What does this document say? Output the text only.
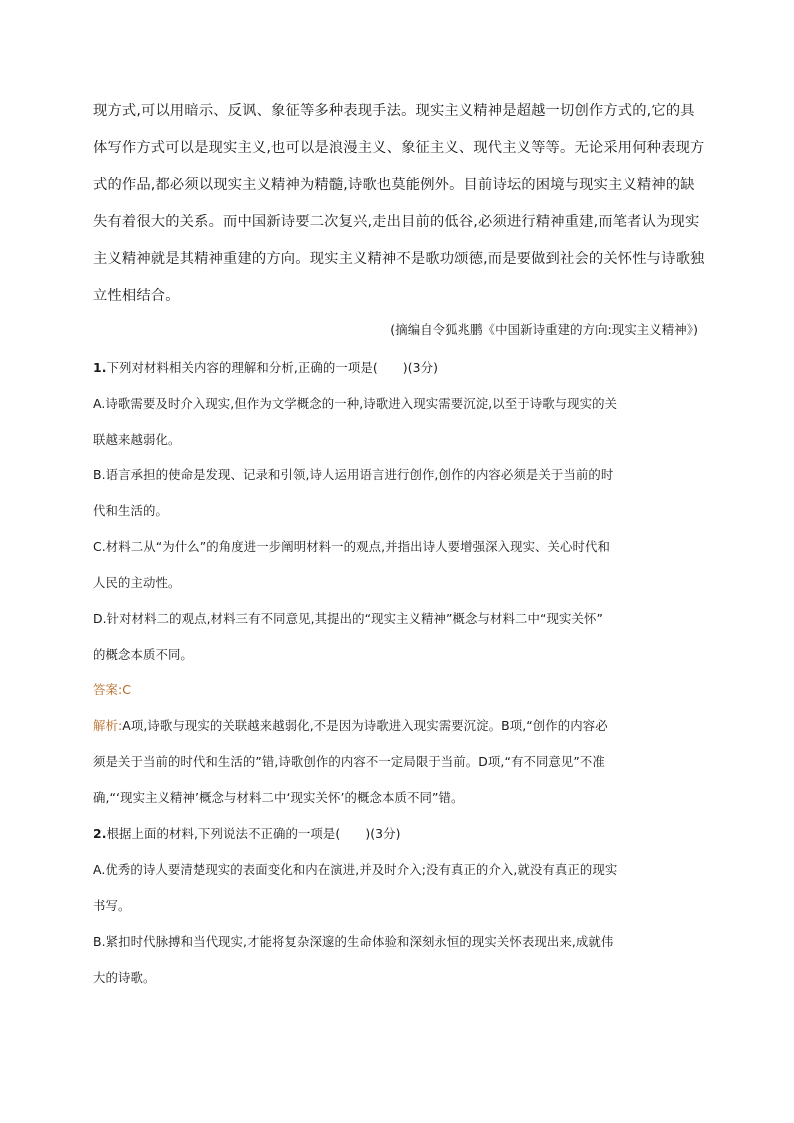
现方式,可以用暗示、反讽、象征等多种表现手法。现实主义精神是超越一切创作方式的,它的具
体写作方式可以是现实主义,也可以是浪漫主义、象征主义、现代主义等等。无论采用何种表现方
式的作品,都必须以现实主义精神为精髓,诗歌也莫能例外。目前诗坛的困境与现实主义精神的缺
失有着很大的关系。而中国新诗要二次复兴,走出目前的低谷,必须进行精神重建,而笔者认为现实
主义精神就是其精神重建的方向。现实主义精神不是歌功颂德,而是要做到社会的关怀性与诗歌独
立性相结合。
(摘编自令狐兆鹏《中国新诗重建的方向:现实主义精神》)
1.下列对材料相关内容的理解和分析,正确的一项是(　　)(3分)
A.诗歌需要及时介入现实,但作为文学概念的一种,诗歌进入现实需要沉淀,以至于诗歌与现实的关
联越来越弱化。
B.语言承担的使命是发现、记录和引领,诗人运用语言进行创作,创作的内容必须是关于当前的时
代和生活的。
C.材料二从“为什么”的角度进一步阐明材料一的观点,并指出诗人要增强深入现实、关心时代和
人民的主动性。
D.针对材料二的观点,材料三有不同意见,其提出的“现实主义精神”概念与材料二中“现实关怀”
的概念本质不同。
答案:C
解析:A项,诗歌与现实的关联越来越弱化,不是因为诗歌进入现实需要沉淀。B项,“创作的内容必
须是关于当前的时代和生活的”错,诗歌创作的内容不一定局限于当前。D项,“有不同意见”不准
确,“‘现实主义精神’概念与材料二中‘现实关怀’的概念本质不同”错。
2.根据上面的材料,下列说法不正确的一项是(　　)(3分)
A.优秀的诗人要清楚现实的表面变化和内在演进,并及时介入;没有真正的介入,就没有真正的现实
书写。
B.紧扣时代脉搏和当代现实,才能将复杂深邃的生命体验和深刻永恒的现实关怀表现出来,成就伟
大的诗歌。
